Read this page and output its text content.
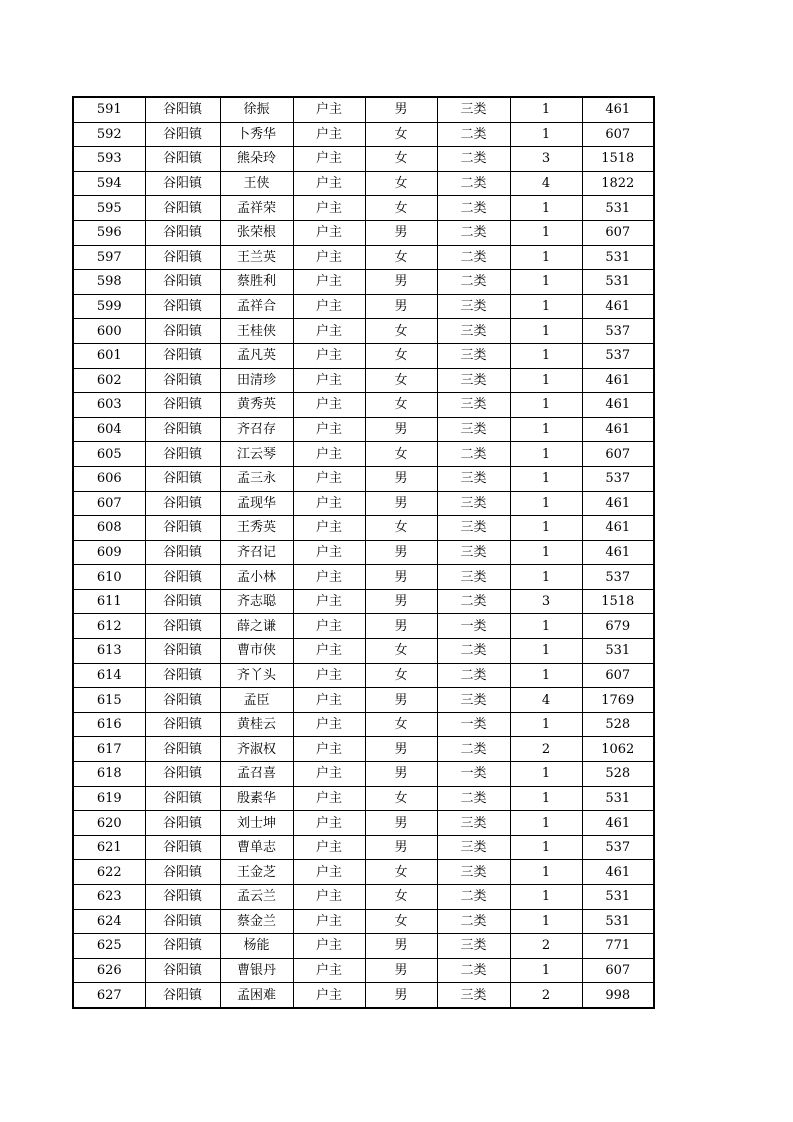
591	谷阳镇	徐振	户主	男	三类	1	461
592	谷阳镇	卜秀华	户主	女	二类	1	607
593	谷阳镇	熊朵玲	户主	女	二类	3	1518
594	谷阳镇	王侠	户主	女	二类	4	1822
595	谷阳镇	孟祥荣	户主	女	二类	1	531
596	谷阳镇	张荣根	户主	男	二类	1	607
597	谷阳镇	王兰英	户主	女	二类	1	531
598	谷阳镇	蔡胜利	户主	男	二类	1	531
599	谷阳镇	孟祥合	户主	男	三类	1	461
600	谷阳镇	王桂侠	户主	女	三类	1	537
601	谷阳镇	孟凡英	户主	女	三类	1	537
602	谷阳镇	田清珍	户主	女	三类	1	461
603	谷阳镇	黄秀英	户主	女	三类	1	461
604	谷阳镇	齐召存	户主	男	三类	1	461
605	谷阳镇	江云琴	户主	女	二类	1	607
606	谷阳镇	孟三永	户主	男	三类	1	537
607	谷阳镇	孟现华	户主	男	三类	1	461
608	谷阳镇	王秀英	户主	女	三类	1	461
609	谷阳镇	齐召记	户主	男	三类	1	461
610	谷阳镇	孟小林	户主	男	三类	1	537
611	谷阳镇	齐志聪	户主	男	二类	3	1518
612	谷阳镇	薛之谦	户主	男	一类	1	679
613	谷阳镇	曹市侠	户主	女	二类	1	531
614	谷阳镇	齐丫头	户主	女	二类	1	607
615	谷阳镇	孟臣	户主	男	三类	4	1769
616	谷阳镇	黄桂云	户主	女	一类	1	528
617	谷阳镇	齐淑权	户主	男	二类	2	1062
618	谷阳镇	孟召喜	户主	男	一类	1	528
619	谷阳镇	殷素华	户主	女	二类	1	531
620	谷阳镇	刘士坤	户主	男	三类	1	461
621	谷阳镇	曹单志	户主	男	三类	1	537
622	谷阳镇	王金芝	户主	女	三类	1	461
623	谷阳镇	孟云兰	户主	女	二类	1	531
624	谷阳镇	蔡金兰	户主	女	二类	1	531
625	谷阳镇	杨能	户主	男	三类	2	771
626	谷阳镇	曹银丹	户主	男	二类	1	607
627	谷阳镇	孟困难	户主	男	三类	2	998
